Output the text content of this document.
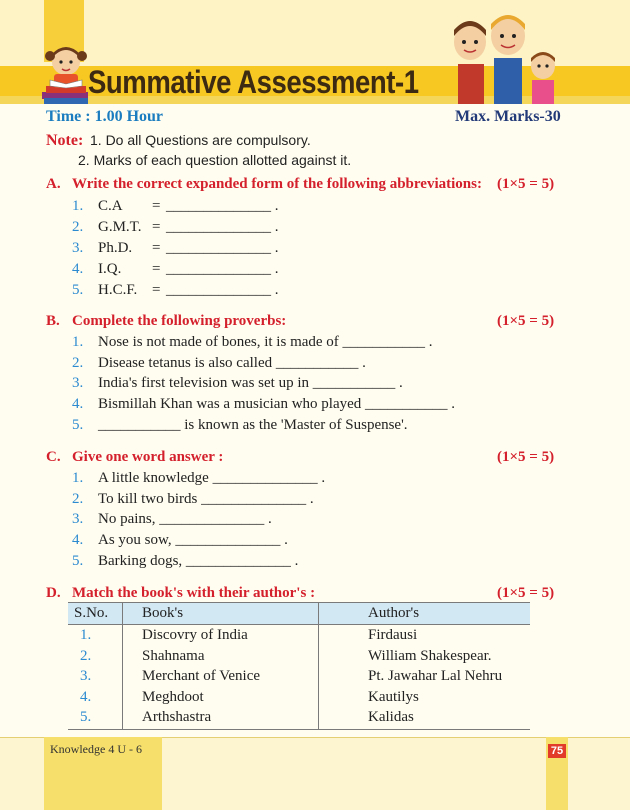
Summative Assessment-1
Time : 1.00 Hour	Max. Marks-30
Note: 1. Do all Questions are compulsory.
2. Marks of each question allotted against it.
A. Write the correct expanded form of the following abbreviations: (1×5 = 5)
1. C.A = ______________ .
2. G.M.T. = ______________ .
3. Ph.D. = ______________ .
4. I.Q. = ______________ .
5. H.C.F. = ______________ .
B. Complete the following proverbs:	(1×5 = 5)
1. Nose is not made of bones, it is made of ___________ .
2. Disease tetanus is also called ___________ .
3. India's first television was set up in ___________ .
4. Bismillah Khan was a musician who played ___________ .
5. ___________ is known as the 'Master of Suspense'.
C. Give one word answer :	(1×5 = 5)
1. A little knowledge ______________ .
2. To kill two birds ______________ .
3. No pains, ______________ .
4. As you sow, ______________ .
5. Barking dogs, ______________ .
D. Match the book's with their author's :	(1×5 = 5)
S.No. Book's	Author's
1.	Discovry of India	Firdausi
2.	Shahnama	William Shakespear.
3.	Merchant of Venice	Pt. Jawahar Lal Nehru
4.	Meghdoot	Kautilys
5.	Arthshastra	Kalidas
Knowledge 4 U - 6	75
